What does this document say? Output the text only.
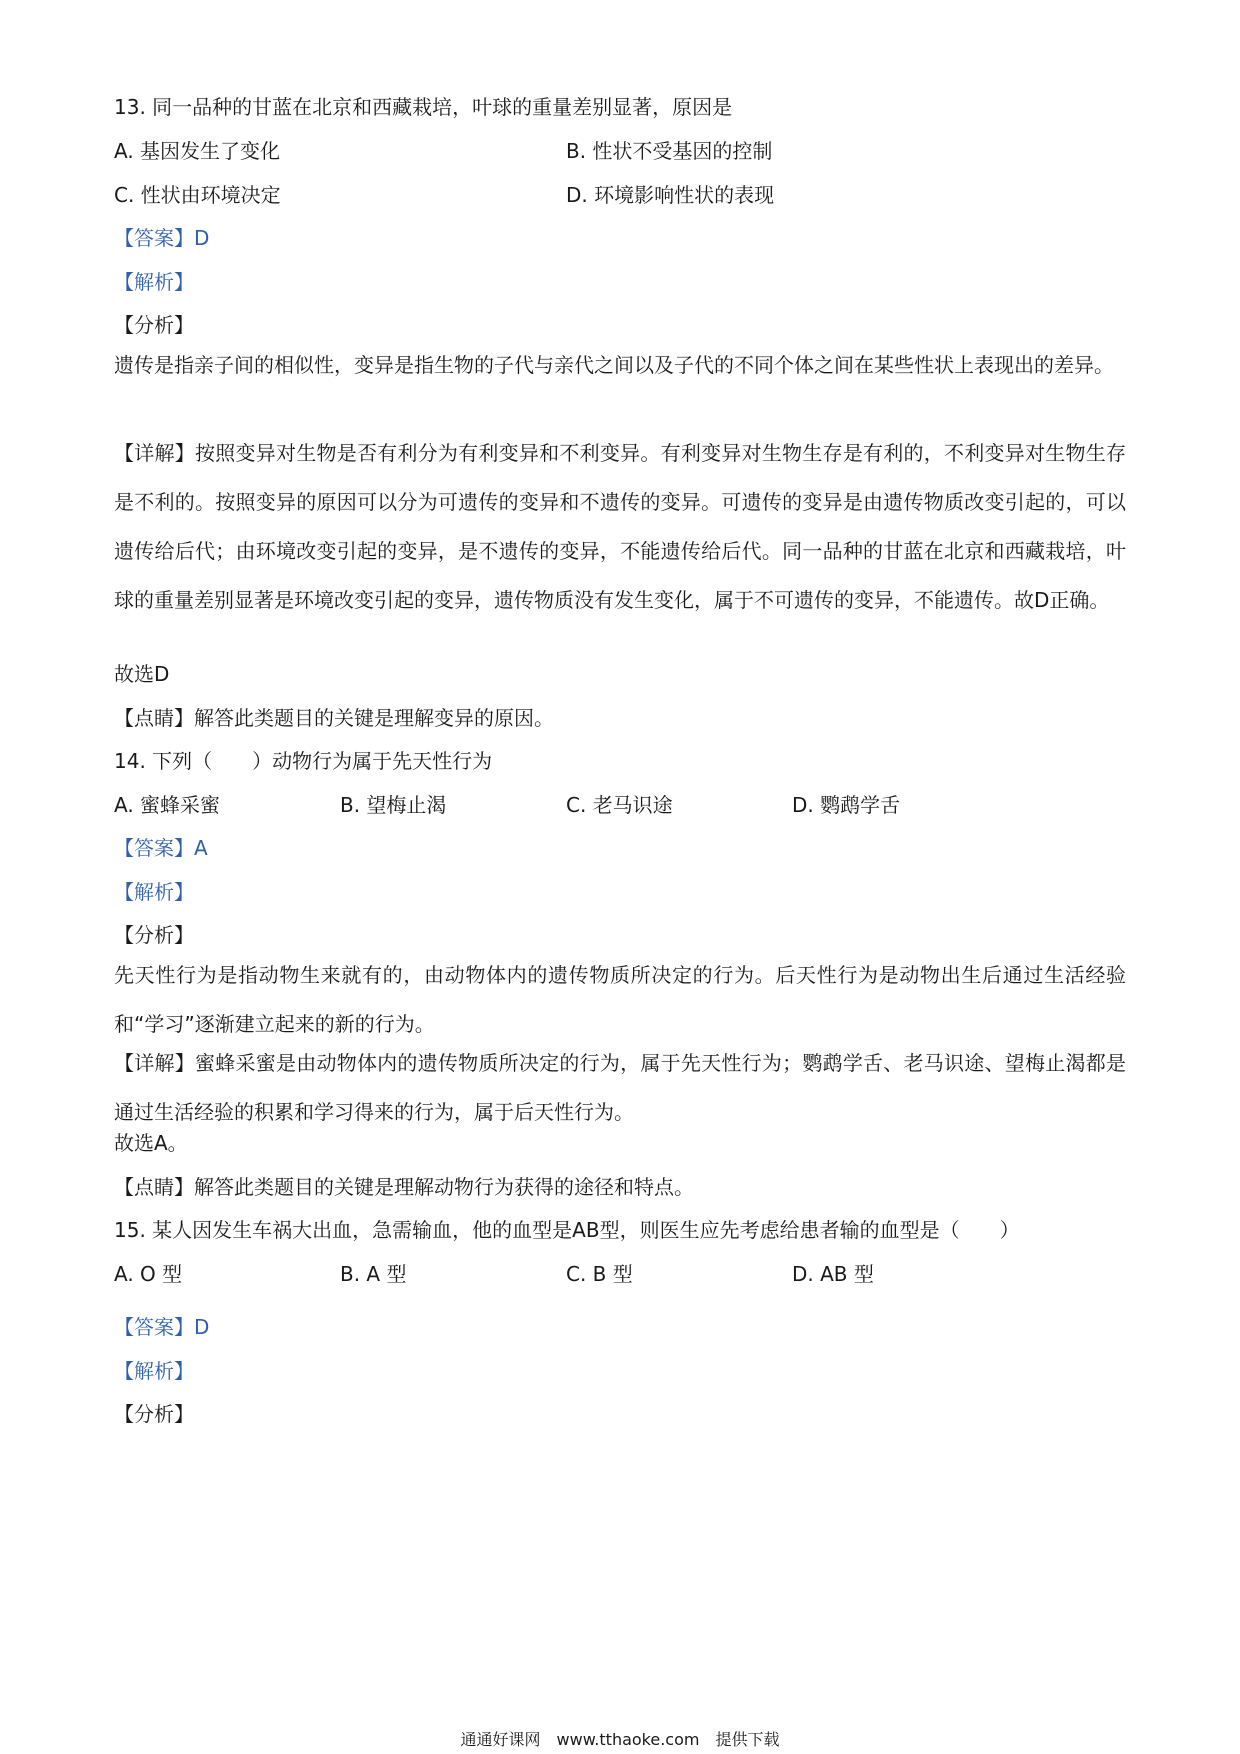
13. 同一品种的甘蓝在北京和西藏栽培，叶球的重量差别显著，原因是
A. 基因发生了变化	B. 性状不受基因的控制
C. 性状由环境决定	D. 环境影响性状的表现
【答案】D
【解析】
【分析】
遗传是指亲子间的相似性，变异是指生物的子代与亲代之间以及子代的不同个体之间在某些性状上表现出的差异。
【详解】按照变异对生物是否有利分为有利变异和不利变异。有利变异对生物生存是有利的，不利变异对生物生存是不利的。按照变异的原因可以分为可遗传的变异和不遗传的变异。可遗传的变异是由遗传物质改变引起的，可以遗传给后代；由环境改变引起的变异，是不遗传的变异，不能遗传给后代。同一品种的甘蓝在北京和西藏栽培，叶球的重量差别显著是环境改变引起的变异，遗传物质没有发生变化，属于不可遗传的变异，不能遗传。故D正确。
故选D
【点睛】解答此类题目的关键是理解变异的原因。
14. 下列（　　）动物行为属于先天性行为
A. 蜜蜂采蜜	B. 望梅止渴	C. 老马识途	D. 鹦鹉学舌
【答案】A
【解析】
【分析】
先天性行为是指动物生来就有的，由动物体内的遗传物质所决定的行为。后天性行为是动物出生后通过生活经验和“学习”逐渐建立起来的新的行为。
【详解】蜜蜂采蜜是由动物体内的遗传物质所决定的行为，属于先天性行为；鹦鹉学舌、老马识途、望梅止渴都是通过生活经验的积累和学习得来的行为，属于后天性行为。
故选A。
【点睛】解答此类题目的关键是理解动物行为获得的途径和特点。
15. 某人因发生车祸大出血，急需输血，他的血型是AB型，则医生应先考虑给患者输的血型是（　　）
A. O 型	B. A 型	C. B 型	D. AB 型
【答案】D
【解析】
【分析】
通通好课网　www.tthaoke.com　提供下载
